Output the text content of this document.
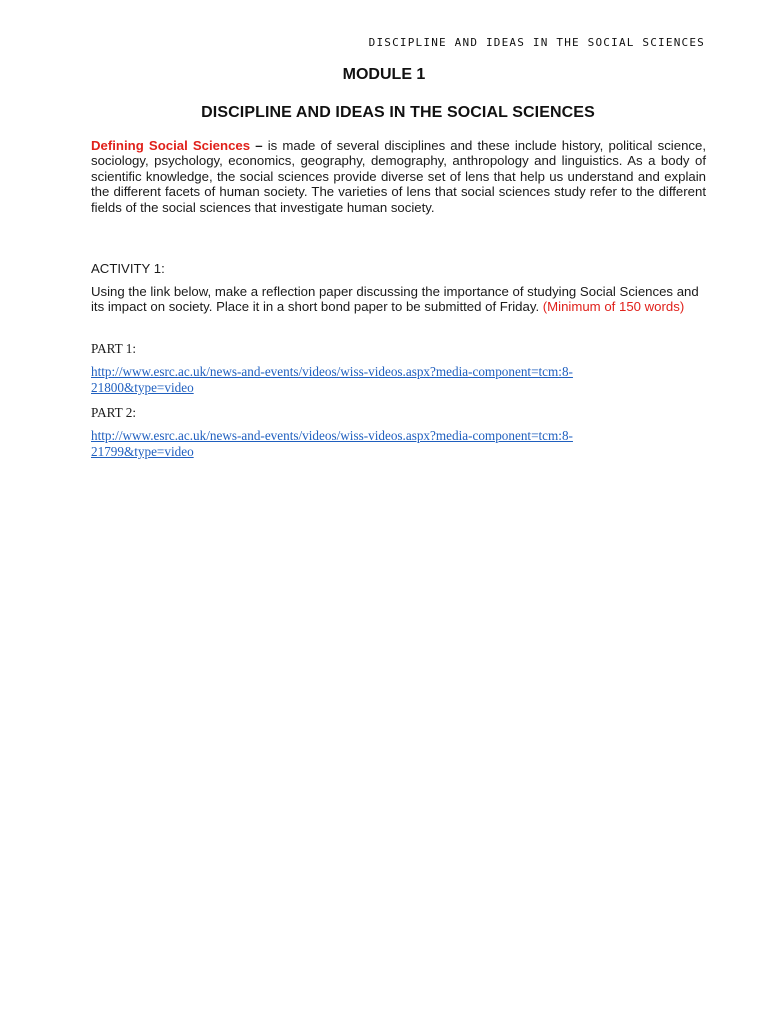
DISCIPLINE AND IDEAS IN THE SOCIAL SCIENCES
MODULE 1
DISCIPLINE AND IDEAS IN THE SOCIAL SCIENCES
Defining Social Sciences – is made of several disciplines and these include history, political science, sociology, psychology, economics, geography, demography, anthropology and linguistics. As a body of scientific knowledge, the social sciences provide diverse set of lens that help us understand and explain the different facets of human society. The varieties of lens that social sciences study refer to the different fields of the social sciences that investigate human society.
ACTIVITY 1:
Using the link below, make a reflection paper discussing the importance of studying Social Sciences and its impact on society. Place it in a short bond paper to be submitted of Friday. (Minimum of 150 words)
PART 1:
http://www.esrc.ac.uk/news-and-events/videos/wiss-videos.aspx?media-component=tcm:8-
21800&type=video
PART 2:
http://www.esrc.ac.uk/news-and-events/videos/wiss-videos.aspx?media-component=tcm:8-
21799&type=video
